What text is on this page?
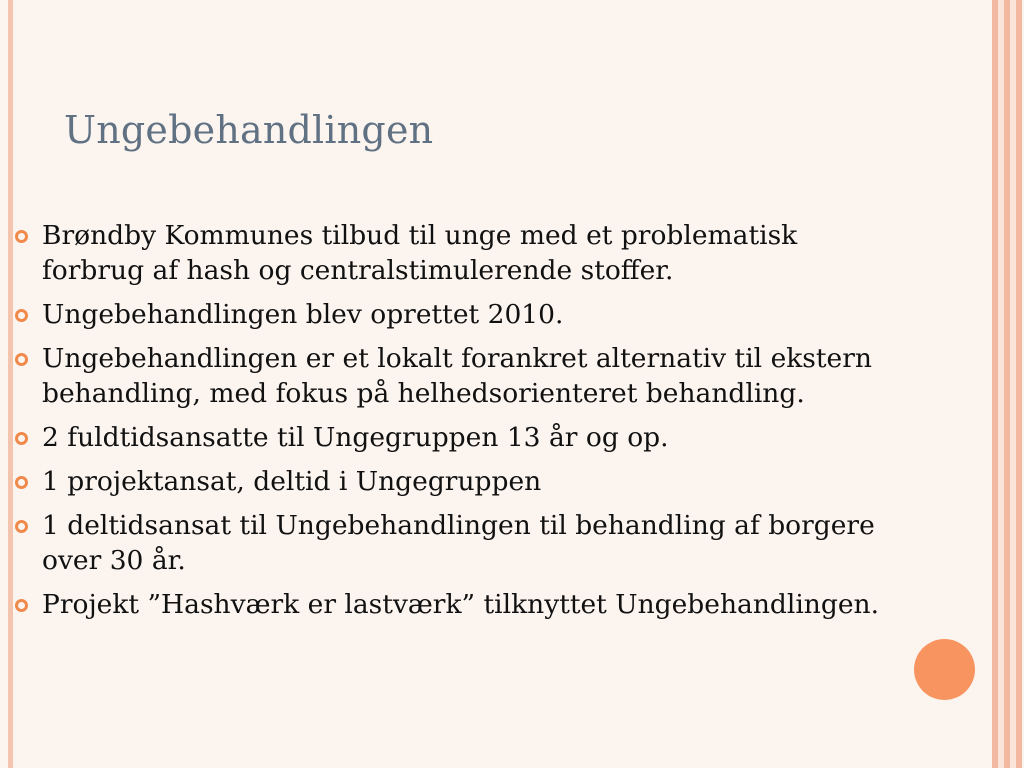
Ungebehandlingen
Brøndby Kommunes tilbud til unge med et problematisk forbrug af hash og centralstimulerende stoffer.
Ungebehandlingen blev oprettet 2010.
Ungebehandlingen er et lokalt forankret alternativ til ekstern behandling, med fokus på helhedsorienteret behandling.
2 fuldtidsansatte til Ungegruppen 13 år og op.
1 projektansat, deltid i Ungegruppen
1 deltidsansat til Ungebehandlingen til behandling af borgere over 30 år.
Projekt ”Hashværk er lastværk” tilknyttet Ungebehandlingen.
